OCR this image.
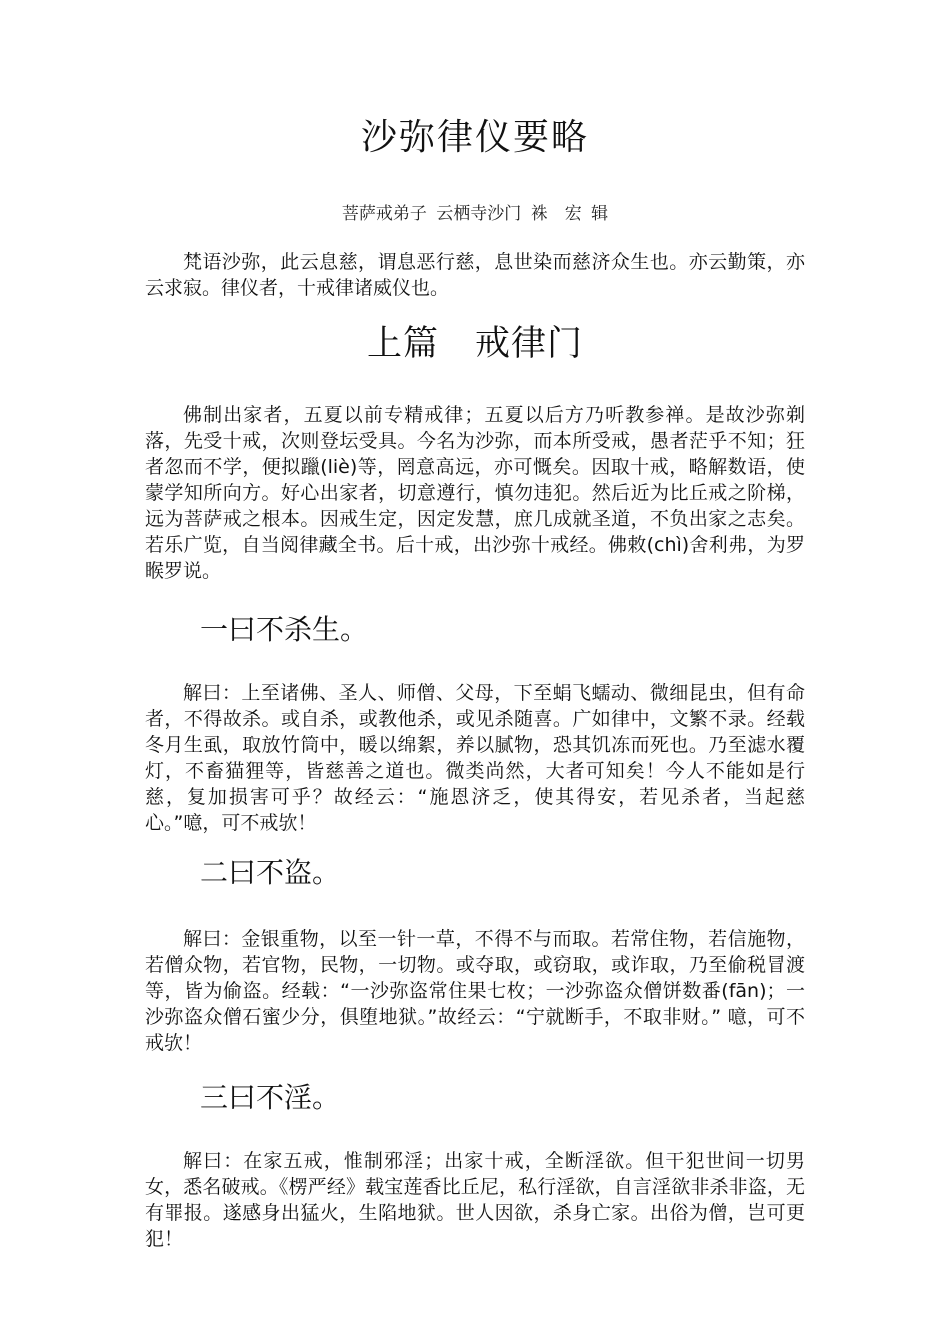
沙弥律仪要略
菩萨戒弟子 云栖寺沙门 袾　宏 辑

梵语沙弥，此云息慈，谓息恶行慈，息世染而慈济众生也。亦云勤策，亦云求寂。律仪者，十戒律诸威仪也。

上篇　戒律门

佛制出家者，五夏以前专精戒律；五夏以后方乃听教参禅。是故沙弥剃落，先受十戒，次则登坛受具。今名为沙弥，而本所受戒，愚者茫乎不知；狂者忽而不学，便拟躐(liè)等，罔意高远，亦可慨矣。因取十戒，略解数语，使蒙学知所向方。好心出家者，切意遵行，慎勿违犯。然后近为比丘戒之阶梯，远为菩萨戒之根本。因戒生定，因定发慧，庶几成就圣道，不负出家之志矣。若乐广览，自当阅律藏全书。后十戒，出沙弥十戒经。佛敕(chì)舍利弗，为罗睺罗说。

一曰不杀生。

解曰：上至诸佛、圣人、师僧、父母，下至蜎飞蠕动、微细昆虫，但有命者，不得故杀。或自杀，或教他杀，或见杀随喜。广如律中，文繁不录。经载冬月生虱，取放竹筒中，暖以绵絮，养以腻物，恐其饥冻而死也。乃至滤水覆灯，不畜猫狸等，皆慈善之道也。微类尚然，大者可知矣！今人不能如是行慈，复加损害可乎？故经云：“施恩济乏，使其得安，若见杀者，当起慈心。”噫，可不戒欤！

二曰不盗。

解曰：金银重物，以至一针一草，不得不与而取。若常住物，若信施物，若僧众物，若官物，民物，一切物。或夺取，或窃取，或诈取，乃至偷税冒渡等，皆为偷盗。经载：“一沙弥盗常住果七枚；一沙弥盗众僧饼数番(fān)；一沙弥盗众僧石蜜少分，俱堕地狱。”故经云：“宁就断手，不取非财。” 噫，可不戒欤！

三曰不淫。

解曰：在家五戒，惟制邪淫；出家十戒，全断淫欲。但干犯世间一切男女，悉名破戒。《楞严经》载宝莲香比丘尼，私行淫欲，自言淫欲非杀非盗，无有罪报。遂感身出猛火，生陷地狱。世人因欲，杀身亡家。出俗为僧，岂可更犯！
